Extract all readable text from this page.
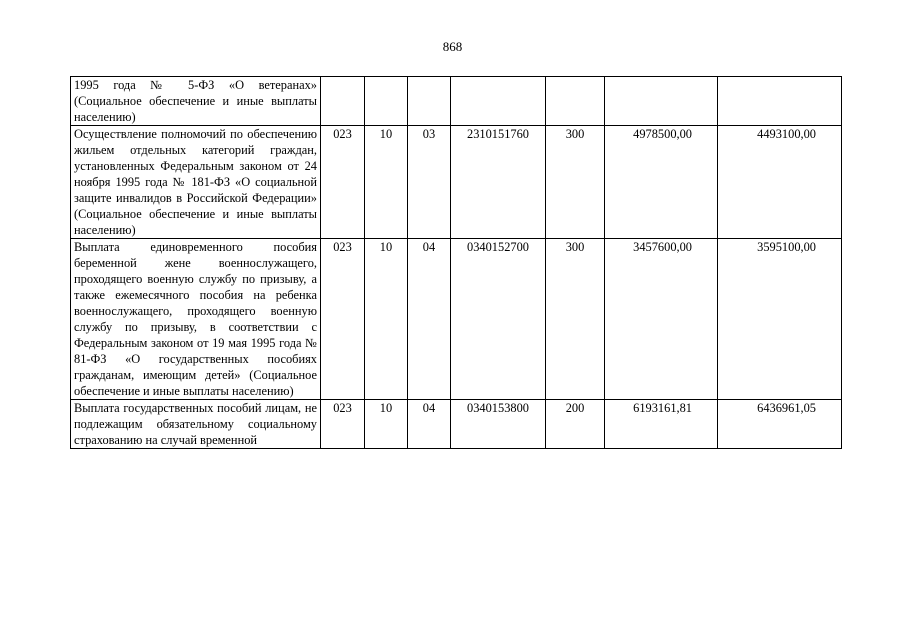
868
1995 года № 5-ФЗ «О ветеранах» (Социальное обеспечение и иные выплаты населению)						

Осуществление полномочий по обеспечению жильем отдельных категорий граждан, установленных Федеральным законом от 24 ноября 1995 года № 181-ФЗ «О социальной защите инвалидов в Российской Федерации» (Социальное обеспечение и иные выплаты населению)	023	10	03	2310151760	300	4978500,00	4493100,00

Выплата единовременного пособия беременной жене военнослужащего, проходящего военную службу по призыву, а также ежемесячного пособия на ребенка военнослужащего, проходящего военную службу по призыву, в соответствии с Федеральным законом от 19 мая 1995 года № 81-ФЗ «О государственных пособиях гражданам, имеющим детей» (Социальное обеспечение и иные выплаты населению)	023	10	04	0340152700	300	3457600,00	3595100,00

Выплата государственных пособий лицам, не подлежащим обязательному социальному страхованию на случай временной	023	10	04	0340153800	200	6193161,81	6436961,05
